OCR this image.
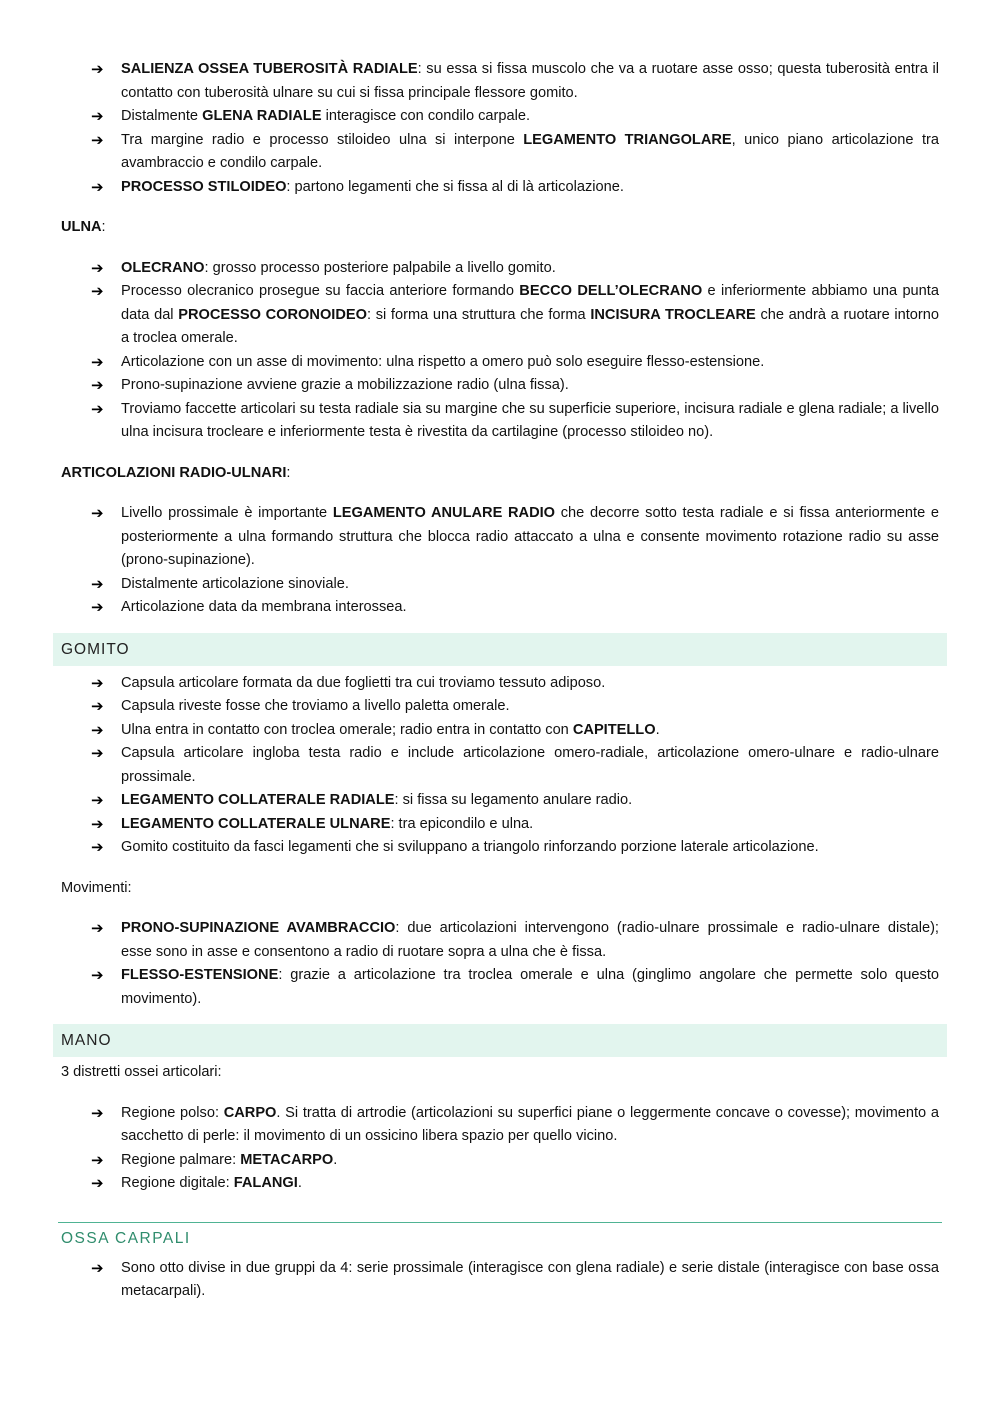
➔ SALIENZA OSSEA TUBEROSITÀ RADIALE: su essa si fissa muscolo che va a ruotare asse osso; questa tuberosità entra il contatto con tuberosità ulnare su cui si fissa principale flessore gomito.
➔ Distalmente GLENA RADIALE interagisce con condilo carpale.
➔ Tra margine radio e processo stiloideo ulna si interpone LEGAMENTO TRIANGOLARE, unico piano articolazione tra avambraccio e condilo carpale.
➔ PROCESSO STILOIDEO: partono legamenti che si fissa al di là articolazione.

ULNA:

➔ OLECRANO: grosso processo posteriore palpabile a livello gomito.
➔ Processo olecranico prosegue su faccia anteriore formando BECCO DELL’OLECRANO e inferiormente abbiamo una punta data dal PROCESSO CORONOIDEO: si forma una struttura che forma INCISURA TROCLEARE che andrà a ruotare intorno a troclea omerale.
➔ Articolazione con un asse di movimento: ulna rispetto a omero può solo eseguire flesso-estensione.
➔ Prono-supinazione avviene grazie a mobilizzazione radio (ulna fissa).
➔ Troviamo faccette articolari su testa radiale sia su margine che su superficie superiore, incisura radiale e glena radiale; a livello ulna incisura trocleare e inferiormente testa è rivestita da cartilagine (processo stiloideo no).

ARTICOLAZIONI RADIO-ULNARI:

➔ Livello prossimale è importante LEGAMENTO ANULARE RADIO che decorre sotto testa radiale e si fissa anteriormente e posteriormente a ulna formando struttura che blocca radio attaccato a ulna e consente movimento rotazione radio su asse (prono-supinazione).
➔ Distalmente articolazione sinoviale.
➔ Articolazione data da membrana interossea.
GOMITO
➔ Capsula articolare formata da due foglietti tra cui troviamo tessuto adiposo.
➔ Capsula riveste fosse che troviamo a livello paletta omerale.
➔ Ulna entra in contatto con troclea omerale; radio entra in contatto con CAPITELLO.
➔ Capsula articolare ingloba testa radio e include articolazione omero-radiale, articolazione omero-ulnare e radio-ulnare prossimale.
➔ LEGAMENTO COLLATERALE RADIALE: si fissa su legamento anulare radio.
➔ LEGAMENTO COLLATERALE ULNARE: tra epicondilo e ulna.
➔ Gomito costituito da fasci legamenti che si sviluppano a triangolo rinforzando porzione laterale articolazione.

Movimenti:

➔ PRONO-SUPINAZIONE AVAMBRACCIO: due articolazioni intervengono (radio-ulnare prossimale e radio-ulnare distale); esse sono in asse e consentono a radio di ruotare sopra a ulna che è fissa.
➔ FLESSO-ESTENSIONE: grazie a articolazione tra troclea omerale e ulna (ginglimo angolare che permette solo questo movimento).
MANO

3 distretti ossei articolari:

➔ Regione polso: CARPO. Si tratta di artrodie (articolazioni su superfici piane o leggermente concave o covesse); movimento a sacchetto di perle: il movimento di un ossicino libera spazio per quello vicino.
➔ Regione palmare: METACARPO.
➔ Regione digitale: FALANGI.
OSSA CARPALI
➔ Sono otto divise in due gruppi da 4: serie prossimale (interagisce con glena radiale) e serie distale (interagisce con base ossa metacarpali).
